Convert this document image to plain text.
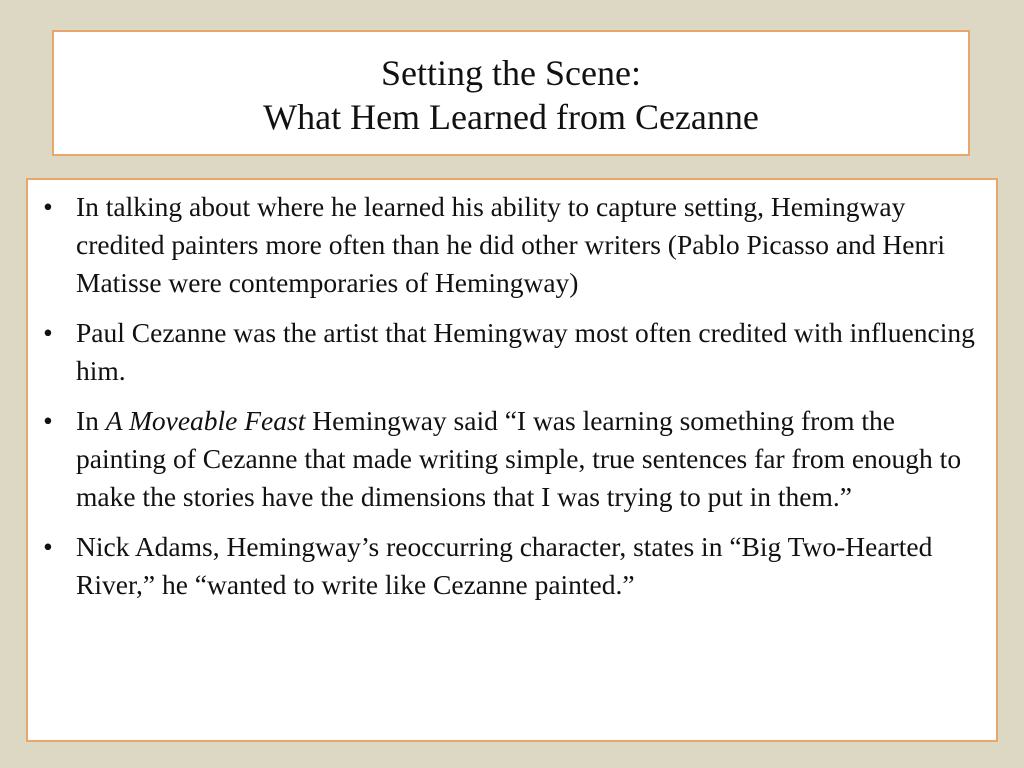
Setting the Scene:
What Hem Learned from Cezanne
• In talking about where he learned his ability to capture setting, Hemingway credited painters more often than he did other writers (Pablo Picasso and Henri Matisse were contemporaries of Hemingway)
• Paul Cezanne was the artist that Hemingway most often credited with influencing him.
• In A Moveable Feast Hemingway said “I was learning something from the painting of Cezanne that made writing simple, true sentences far from enough to make the stories have the dimensions that I was trying to put in them.”
• Nick Adams, Hemingway’s reoccurring character, states in “Big Two-Hearted River,” he “wanted to write like Cezanne painted.”
